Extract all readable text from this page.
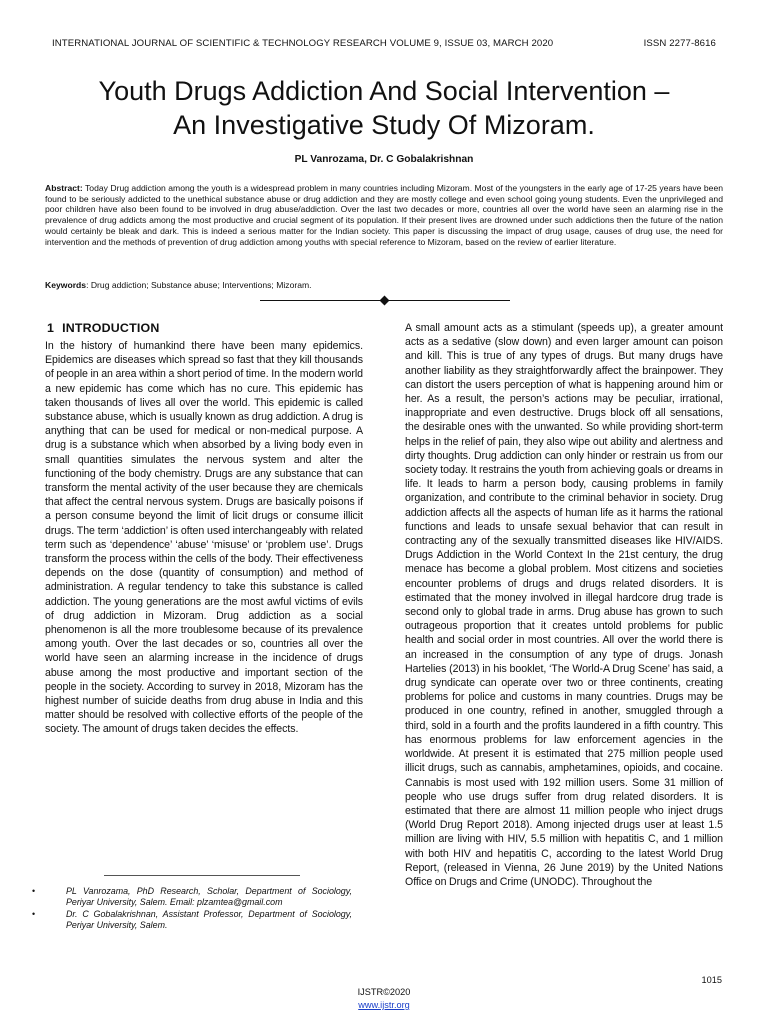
INTERNATIONAL JOURNAL OF SCIENTIFIC & TECHNOLOGY RESEARCH VOLUME 9, ISSUE 03, MARCH 2020	ISSN 2277-8616
Youth Drugs Addiction And Social Intervention –
An Investigative Study Of Mizoram.
PL Vanrozama, Dr. C Gobalakrishnan

Abstract: Today Drug addiction among the youth is a widespread problem in many countries including Mizoram. Most of the youngsters in the early age of 17-25 years have been found to be seriously addicted to the unethical substance abuse or drug addiction and they are mostly college and even school going young students. Even the unprivileged and poor children have also been found to be involved in drug abuse/addiction. Over the last two decades or more, countries all over the world have seen an alarming rise in the prevalence of drug addicts among the most productive and crucial segment of its population. If their present lives are drowned under such addictions then the future of the nation would certainly be bleak and dark. This is indeed a serious matter for the Indian society. This paper is discussing the impact of drug usage, causes of drug use, the need for intervention and the methods of prevention of drug addiction among youths with special reference to Mizoram, based on the review of earlier literature.

Keywords: Drug addiction; Substance abuse; Interventions; Mizoram.

1 INTRODUCTION

In the history of humankind there have been many epidemics. Epidemics are diseases which spread so fast that they kill thousands of people in an area within a short period of time. In the modern world a new epidemic has come which has no cure. This epidemic has taken thousands of lives all over the world. This epidemic is called substance abuse, which is usually known as drug addiction. A drug is anything that can be used for medical or non-medical purpose. A drug is a substance which when absorbed by a living body even in small quantities simulates the nervous system and alter the functioning of the body chemistry. Drugs are any substance that can transform the mental activity of the user because they are chemicals that affect the central nervous system. Drugs are basically poisons if a person consume beyond the limit of licit drugs or consume illicit drugs. The term ‘addiction’ is often used interchangeably with related term such as ‘dependence’ ‘abuse’ ‘misuse’ or ‘problem use’. Drugs transform the process within the cells of the body. Their effectiveness depends on the dose (quantity of consumption) and method of administration. A regular tendency to take this substance is called addiction. The young generations are the most awful victims of evils of drug addiction in Mizoram. Drug addiction as a social phenomenon is all the more troublesome because of its prevalence among youth. Over the last decades or so, countries all over the world have seen an alarming increase in the incidence of drugs abuse among the most productive and important section of the people in the society. According to survey in 2018, Mizoram has the highest number of suicide deaths from drug abuse in India and this matter should be resolved with collective efforts of the people of the society. The amount of drugs taken decides the effects.

A small amount acts as a stimulant (speeds up), a greater amount acts as a sedative (slow down) and even larger amount can poison and kill. This is true of any types of drugs. But many drugs have another liability as they straightforwardly affect the brainpower. They can distort the users perception of what is happening around him or her. As a result, the person’s actions may be peculiar, irrational, inappropriate and even destructive. Drugs block off all sensations, the desirable ones with the unwanted. So while providing short-term helps in the relief of pain, they also wipe out ability and alertness and dirty thoughts. Drug addiction can only hinder or restrain us from our society today. It restrains the youth from achieving goals or dreams in life. It leads to harm a person body, causing problems in family organization, and contribute to the criminal behavior in society. Drug addiction affects all the aspects of human life as it harms the rational functions and leads to unsafe sexual behavior that can result in contracting any of the sexually transmitted diseases like HIV/AIDS. Drugs Addiction in the World Context In the 21st century, the drug menace has become a global problem. Most citizens and societies encounter problems of drugs and drugs related disorders. It is estimated that the money involved in illegal hardcore drug trade is second only to global trade in arms. Drug abuse has grown to such outrageous proportion that it creates untold problems for public health and social order in most countries. All over the world there is an increased in the consumption of any type of drugs. Jonash Hartelies (2013) in his booklet, ‘The World-A Drug Scene’ has said, a drug syndicate can operate over two or three continents, creating problems for police and customs in many countries. Drugs may be produced in one country, refined in another, smuggled through a third, sold in a fourth and the profits laundered in a fifth country. This has enormous problems for law enforcement agencies in the worldwide. At present it is estimated that 275 million people used illicit drugs, such as cannabis, amphetamines, opioids, and cocaine. Cannabis is most used with 192 million users. Some 31 million of people who use drugs suffer from drug related disorders. It is estimated that there are almost 11 million people who inject drugs (World Drug Report 2018). Among injected drugs user at least 1.5 million are living with HIV, 5.5 million with hepatitis C, and 1 million with both HIV and hepatitis C, according to the latest World Drug Report, (released in Vienna, 26 June 2019) by the United Nations Office on Drugs and Crime (UNODC). Throughout the

•	PL Vanrozama, PhD Research, Scholar, Department of Sociology, Periyar University, Salem. Email: plzamtea@gmail.com
•	Dr. C Gobalakrishnan, Assistant Professor, Department of Sociology, Periyar University, Salem.
1015
IJSTR©2020
www.ijstr.org
